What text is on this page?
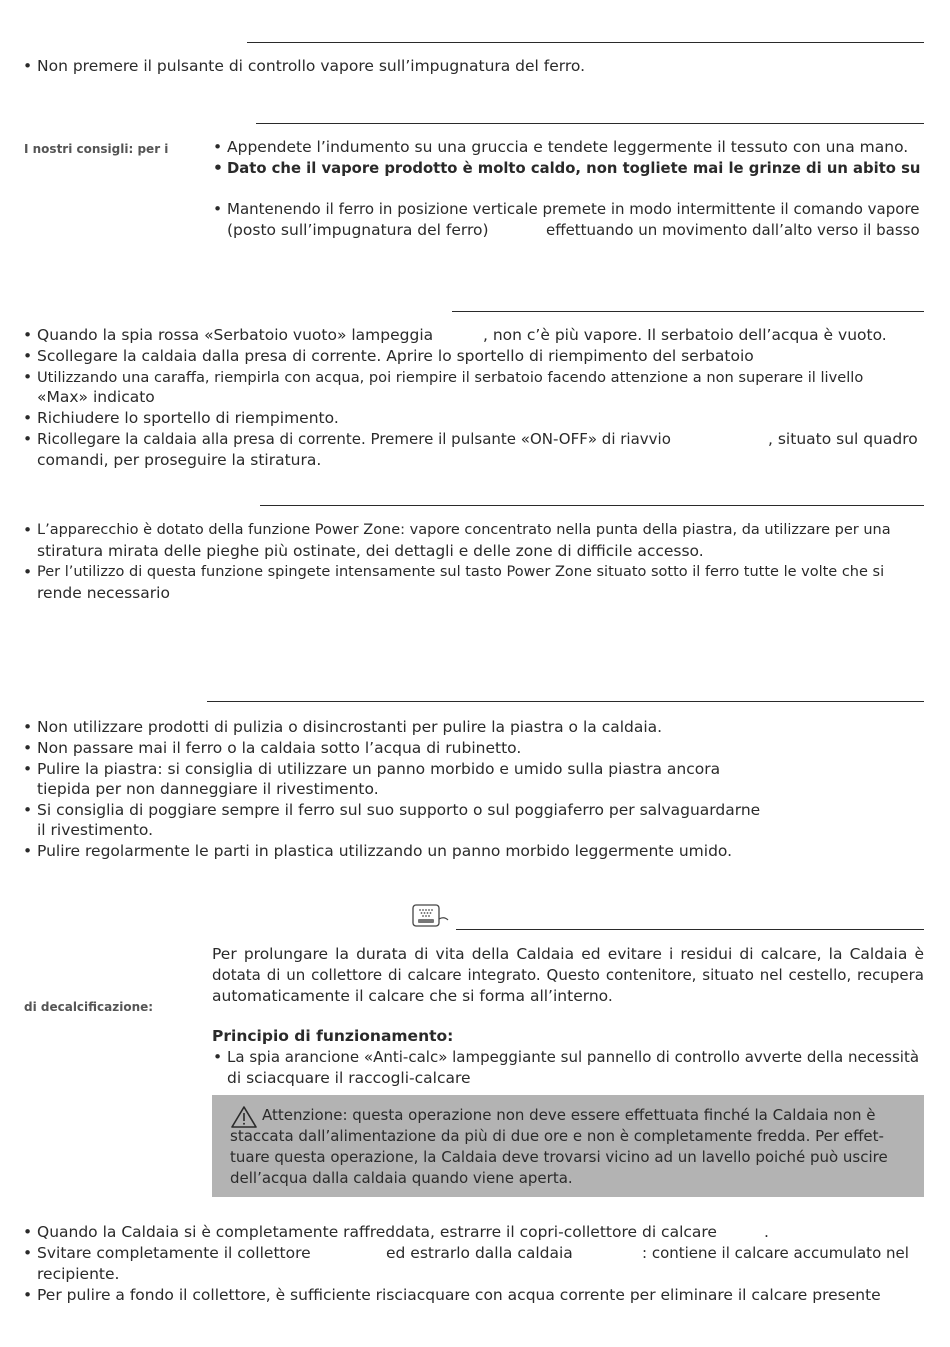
• Non premere il pulsante di controllo vapore sull’impugnatura del ferro.
I nostri consigli: per i	• Appendete l’indumento su una gruccia e tendete leggermente il tessuto con una mano.
• Dato che il vapore prodotto è molto caldo, non togliete mai le grinze di un abito su
• Mantenendo il ferro in posizione verticale premete in modo intermittente il comando vapore
(posto sull’impugnatura del ferro)	effettuando un movimento dall’alto verso il basso
• Quando la spia rossa «Serbatoio vuoto» lampeggia	, non c’è più vapore. Il serbatoio dell’acqua è vuoto.
• Scollegare la caldaia dalla presa di corrente. Aprire lo sportello di riempimento del serbatoio
• Utilizzando una caraffa, riempirla con acqua, poi riempire il serbatoio facendo attenzione a non superare il livello
«Max» indicato
• Richiudere lo sportello di riempimento.
• Ricollegare la caldaia alla presa di corrente. Premere il pulsante «ON-OFF» di riavvio	, situato sul quadro
comandi, per proseguire la stiratura.
• L’apparecchio è dotato della funzione Power Zone: vapore concentrato nella punta della piastra, da utilizzare per una
stiratura mirata delle pieghe più ostinate, dei dettagli e delle zone di difficile accesso.
• Per l’utilizzo di questa funzione spingete intensamente sul tasto Power Zone situato sotto il ferro tutte le volte che si
rende necessario
• Non utilizzare prodotti di pulizia o disincrostanti per pulire la piastra o la caldaia.
• Non passare mai il ferro o la caldaia sotto l’acqua di rubinetto.
• Pulire la piastra: si consiglia di utilizzare un panno morbido e umido sulla piastra ancora
tiepida per non danneggiare il rivestimento.
• Si consiglia di poggiare sempre il ferro sul suo supporto o sul poggiaferro per salvaguardarne
il rivestimento.
• Pulire regolarmente le parti in plastica utilizzando un panno morbido leggermente umido.
di decalcificazione:
Per prolungare la durata di vita della Caldaia ed evitare i residui di calcare, la Caldaia è
dotata di un collettore di calcare integrato. Questo contenitore, situato nel cestello, recupera
automaticamente il calcare che si forma all’interno.
Principio di funzionamento:
• La spia arancione «Anti-calc» lampeggiante sul pannello di controllo avverte della necessità
di sciacquare il raccogli-calcare
Attenzione: questa operazione non deve essere effettuata finché la Caldaia non è
staccata dall’alimentazione da più di due ore e non è completamente fredda. Per effet-
tuare questa operazione, la Caldaia deve trovarsi vicino ad un lavello poiché può uscire
dell’acqua dalla caldaia quando viene aperta.
• Quando la Caldaia si è completamente raffreddata, estrarre il copri-collettore di calcare	.
• Svitare completamente il collettore	ed estrarlo dalla caldaia	: contiene il calcare accumulato nel
recipiente.
• Per pulire a fondo il collettore, è sufficiente risciacquare con acqua corrente per eliminare il calcare presente
